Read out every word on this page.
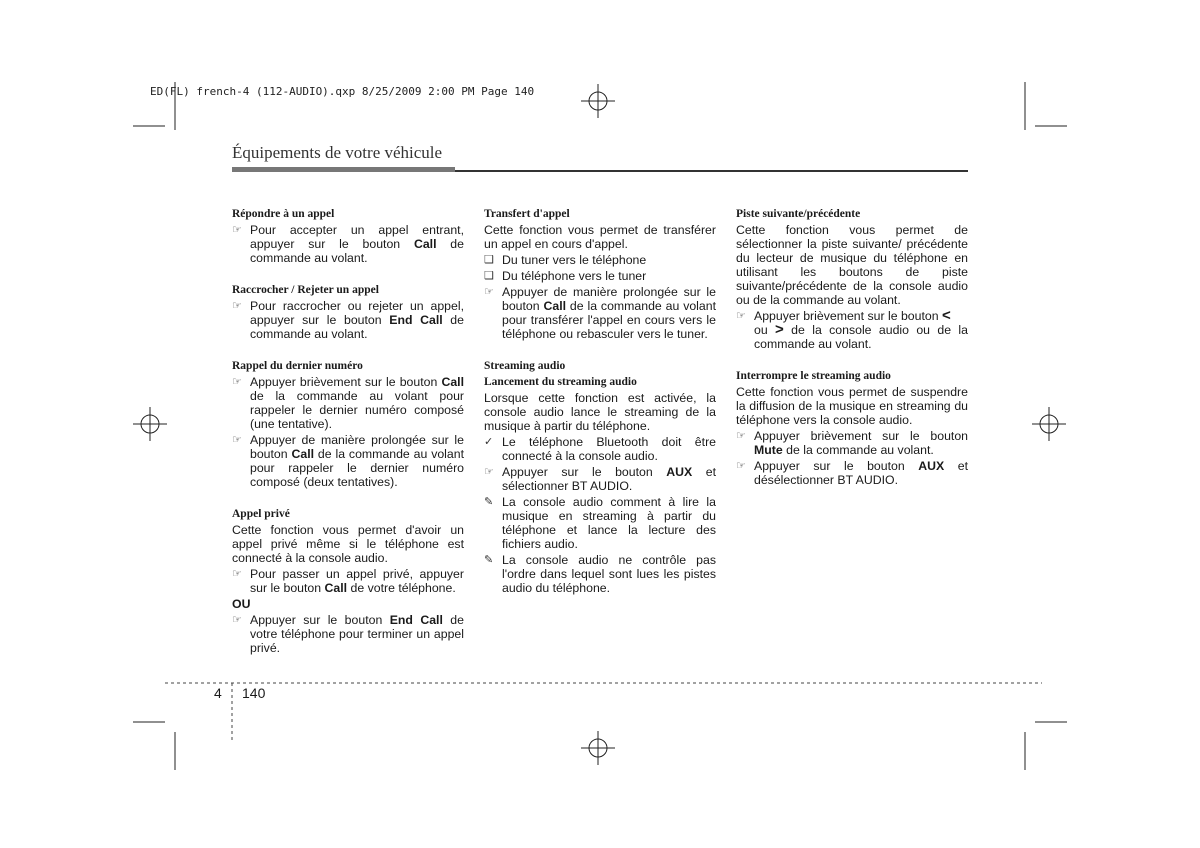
ED(FL) french-4 (112-AUDIO).qxp 8/25/2009 2:00 PM Page 140
Équipements de votre véhicule
Répondre à un appel
☞ Pour accepter un appel entrant, appuyer sur le bouton Call de commande au volant.
Raccrocher / Rejeter un appel
☞ Pour raccrocher ou rejeter un appel, appuyer sur le bouton End Call de commande au volant.
Rappel du dernier numéro
☞ Appuyer brièvement sur le bouton Call de la commande au volant pour rappeler le dernier numéro composé (une tentative).
☞ Appuyer de manière prolongée sur le bouton Call de la commande au volant pour rappeler le dernier numéro composé (deux tentatives).
Appel privé
Cette fonction vous permet d'avoir un appel privé même si le téléphone est connecté à la console audio.
☞ Pour passer un appel privé, appuyer sur le bouton Call de votre téléphone.
OU
☞ Appuyer sur le bouton End Call de votre téléphone pour terminer un appel privé.
Transfert d'appel
Cette fonction vous permet de transférer un appel en cours d'appel.
❑ Du tuner vers le téléphone
❑ Du téléphone vers le tuner
☞ Appuyer de manière prolongée sur le bouton Call de la commande au volant pour transférer l'appel en cours vers le téléphone ou rebasculer vers le tuner.
Streaming audio
Lancement du streaming audio
Lorsque cette fonction est activée, la console audio lance le streaming de la musique à partir du téléphone.
✓ Le téléphone Bluetooth doit être connecté à la console audio.
☞ Appuyer sur le bouton AUX et sélectionner BT AUDIO.
✎ La console audio comment à lire la musique en streaming à partir du téléphone et lance la lecture des fichiers audio.
✎ La console audio ne contrôle pas l'ordre dans lequel sont lues les pistes audio du téléphone.
Piste suivante/précédente
Cette fonction vous permet de sélectionner la piste suivante/ précédente du lecteur de musique du téléphone en utilisant les boutons de piste suivante/précédente de la console audio ou de la commande au volant.
☞ Appuyer brièvement sur le bouton <
ou > de la console audio ou de la commande au volant.
Interrompre le streaming audio
Cette fonction vous permet de suspendre la diffusion de la musique en streaming du téléphone vers la console audio.
☞ Appuyer brièvement sur le bouton Mute de la commande au volant.
☞ Appuyer sur le bouton AUX et désélectionner BT AUDIO.
4 140
